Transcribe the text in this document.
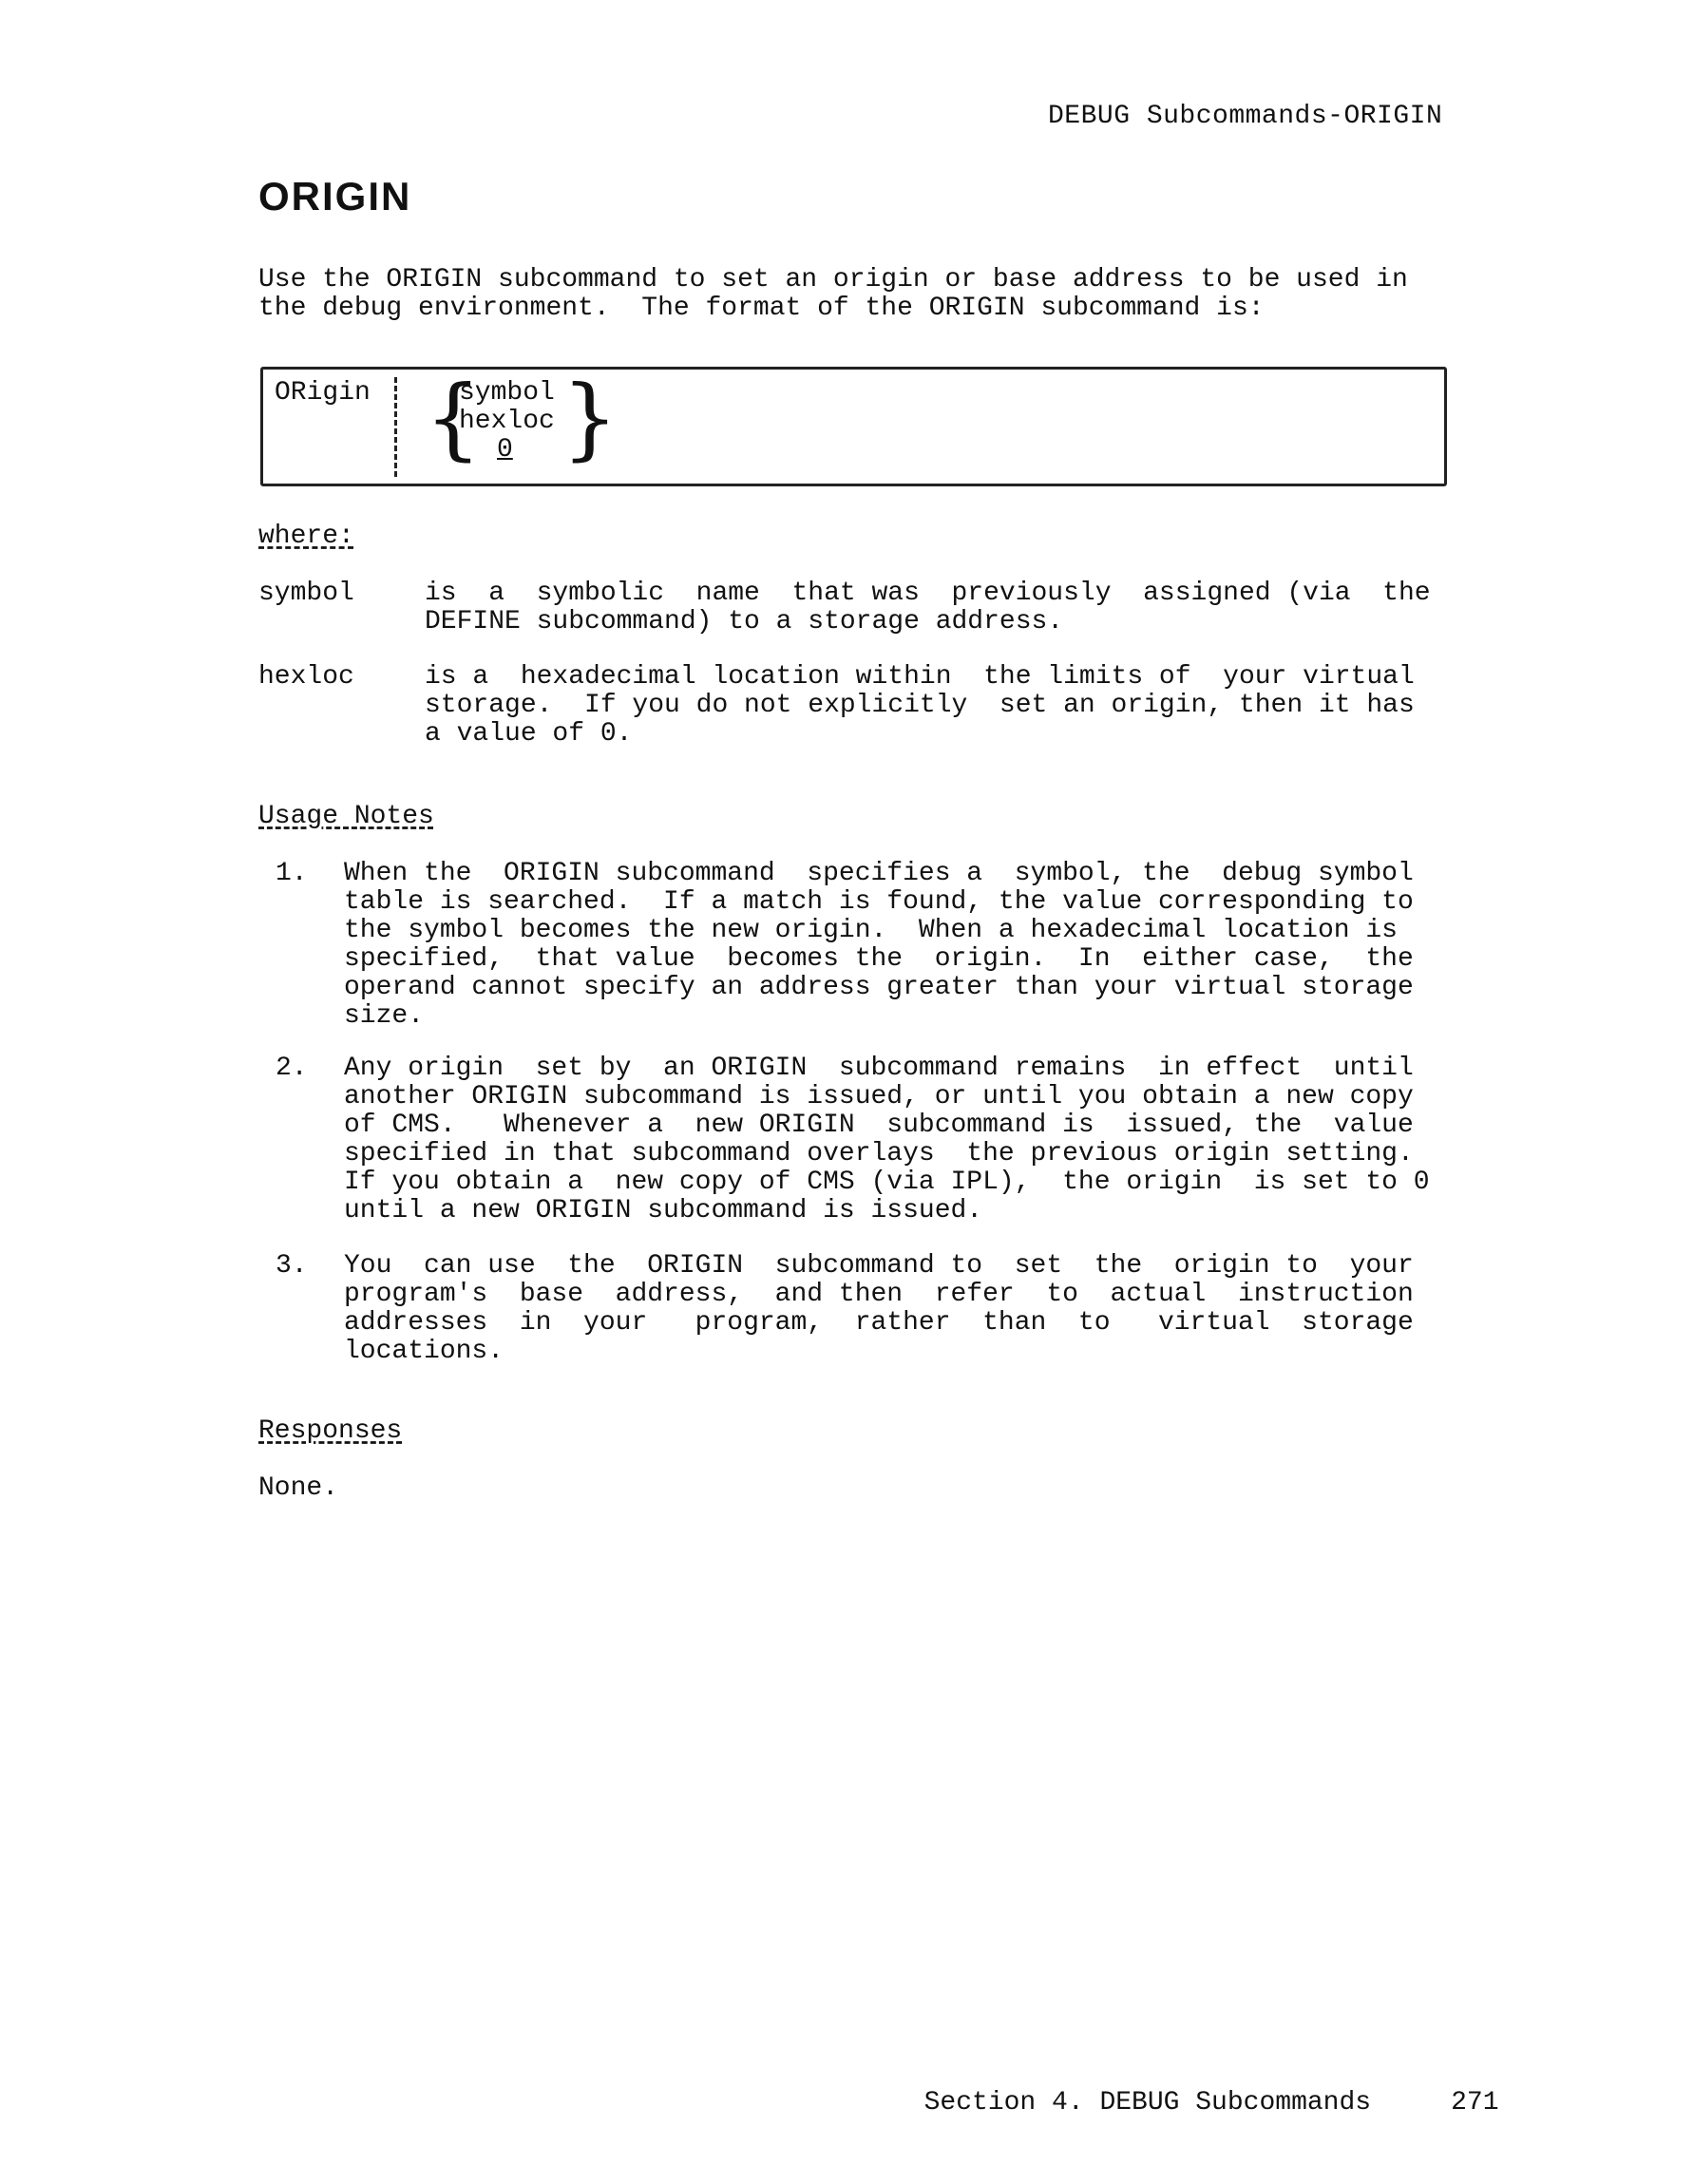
DEBUG Subcommands-ORIGIN
ORIGIN
Use the ORIGIN subcommand to set an origin or base address to be used in
the debug environment.  The format of the ORIGIN subcommand is:
ORigin {
symbol
hexloc
0 }
where:
symbol	is  a  symbolic  name  that was  previously  assigned (via  the
DEFINE subcommand) to a storage address.
hexloc	is a  hexadecimal location within  the limits of  your virtual
storage.  If you do not explicitly  set an origin, then it has
a value of 0.
Usage Notes
1. When the  ORIGIN subcommand  specifies a  symbol, the  debug symbol
table is searched.  If a match is found, the value corresponding to
the symbol becomes the new origin.  When a hexadecimal location is
specified,  that value  becomes the  origin.  In  either case,  the
operand cannot specify an address greater than your virtual storage
size.
2. Any origin  set by  an ORIGIN  subcommand remains  in effect  until
another ORIGIN subcommand is issued, or until you obtain a new copy
of CMS.   Whenever a  new ORIGIN  subcommand is  issued, the  value
specified in that subcommand overlays  the previous origin setting.
If you obtain a  new copy of CMS (via IPL),  the origin  is set to 0
until a new ORIGIN subcommand is issued.
3. You  can use  the  ORIGIN  subcommand to  set  the  origin to  your
program's  base  address,  and then  refer  to  actual  instruction
addresses  in  your   program,  rather  than  to   virtual  storage
locations.
Responses
None.

Section 4. DEBUG Subcommands	271
